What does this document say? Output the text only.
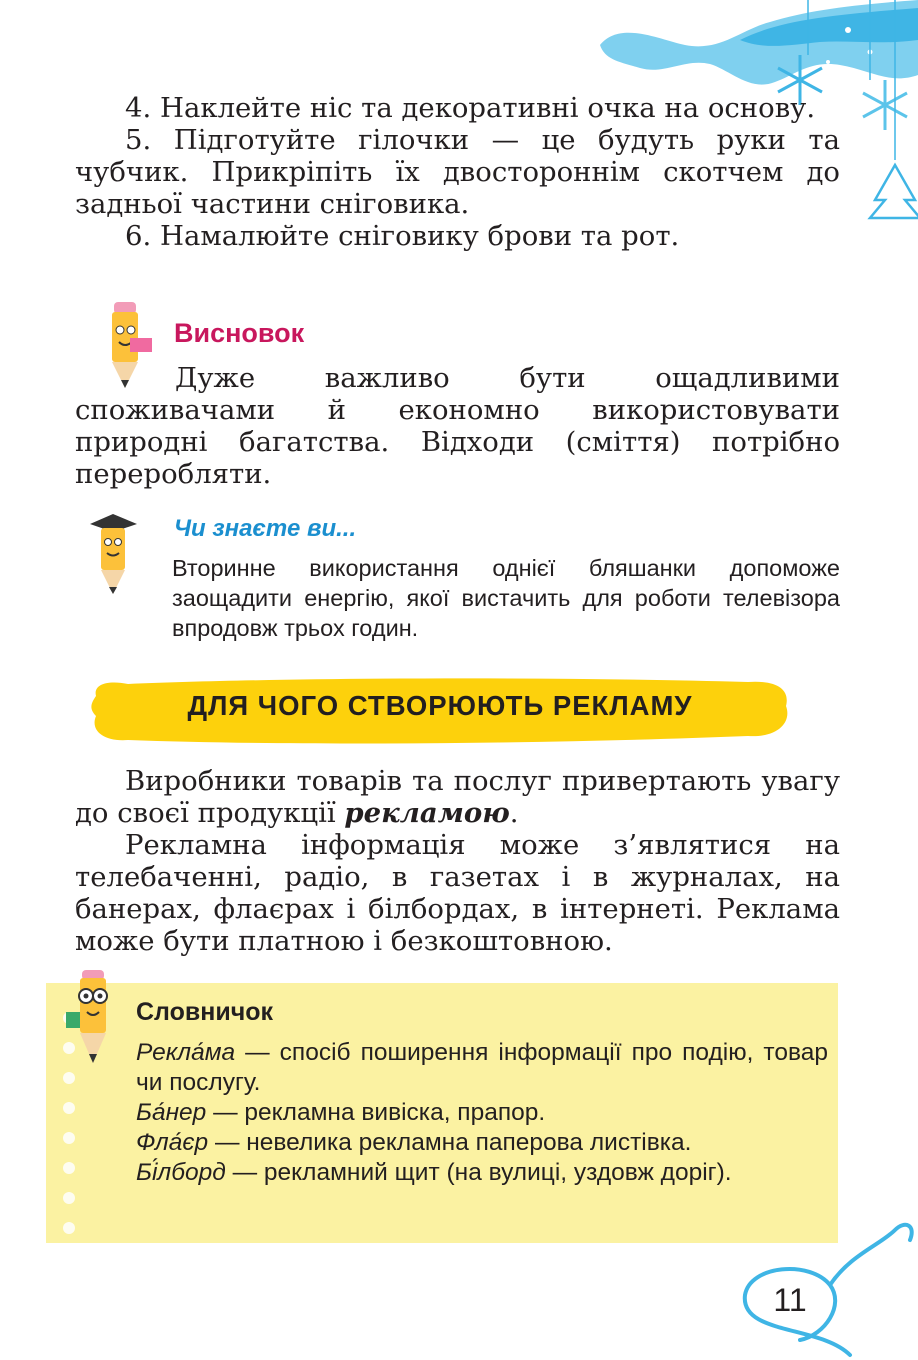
4. Наклейте ніс та декоративні очка на основу.

5. Підготуйте гілочки — це будуть руки та чубчик. Прикріпіть їх двостороннім скотчем до задньої частини сніговика.

6. Намалюйте сніговику брови та рот.

Висновок

Дуже важливо бути ощадливими споживачами й економно використовувати природні багатства. Відходи (сміття) потрібно переробляти.

Чи знаєте ви...

Вторинне використання однієї бляшанки допоможе заощадити енергію, якої вистачить для роботи телевізора впродовж трьох годин.

ДЛЯ ЧОГО СТВОРЮЮТЬ РЕКЛАМУ

Виробники товарів та послуг привертають увагу до своєї продукції рекламою.

Рекламна інформація може з’являтися на телебаченні, радіо, в газетах і в журналах, на банерах, флаєрах і білбордах, в інтернеті. Реклама може бути платною і безкоштовною.

Словничок

Рекла́ма — спосіб поширення інформації про подію, товар чи послугу.

Ба́нер — рекламна вивіска, прапор.

Фла́єр — невелика рекламна паперова листівка.

Бі́лборд — рекламний щит (на вулиці, уздовж доріг).

11
